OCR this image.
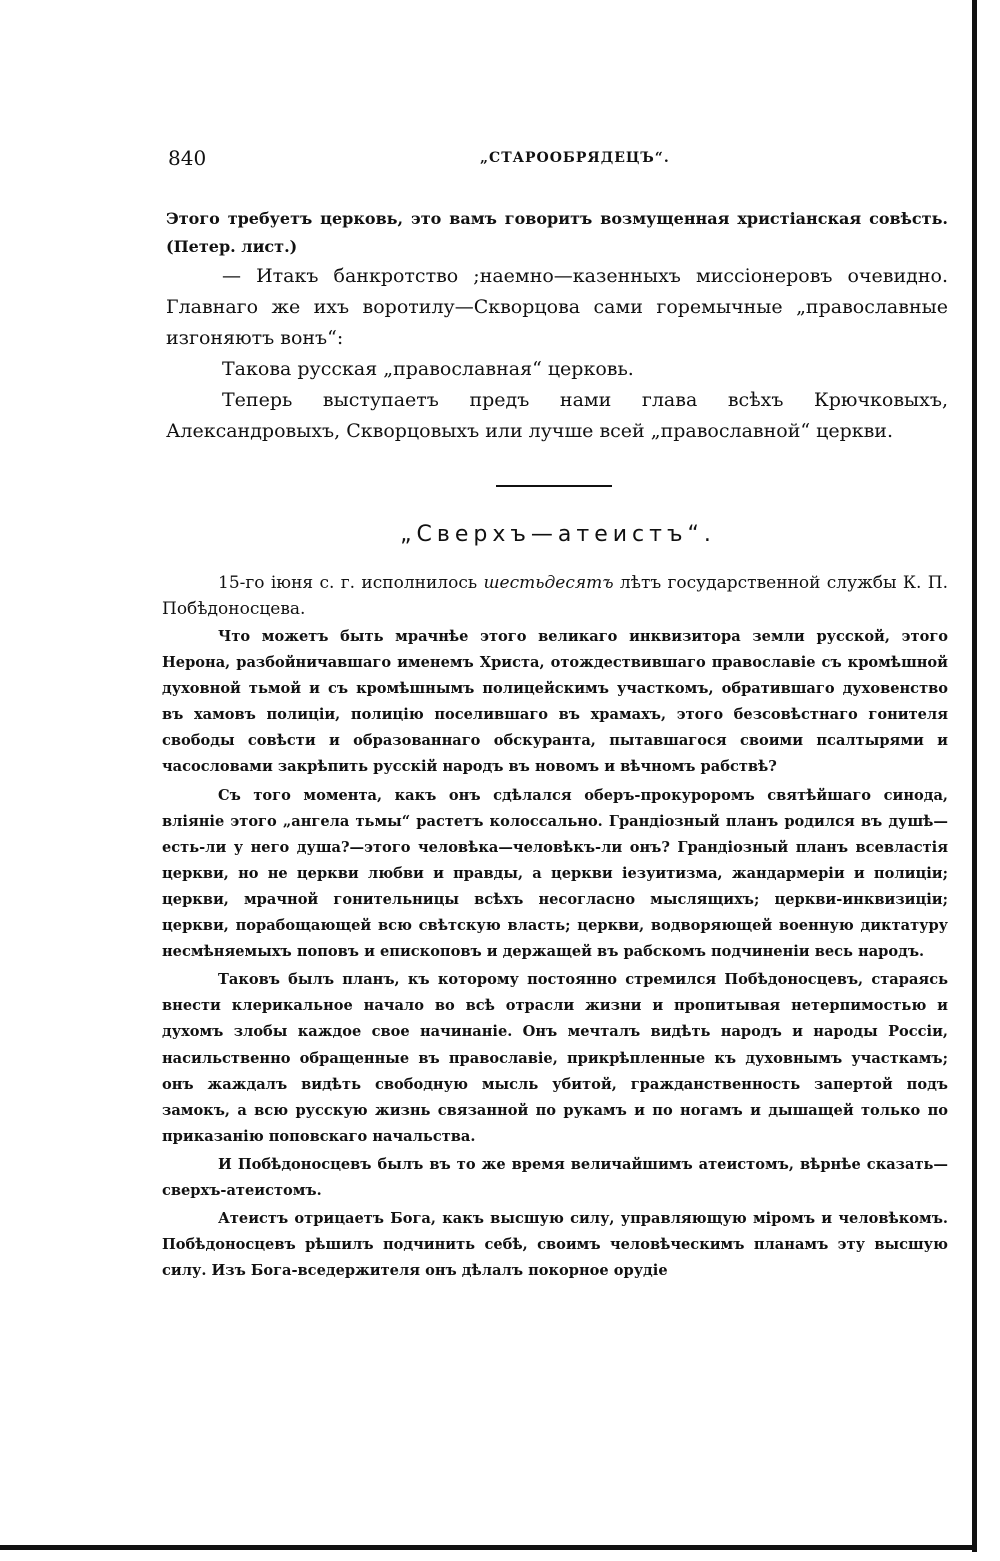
840	„СТАРООБРЯДЕЦЪ“.

Этого требуетъ церковь, это вамъ говоритъ возмущенная христіанская совѣсть. (Петер. лист.)

— Итакъ банкротство ;наемно—казенныхъ миссіонеровъ очевидно. Главнаго же ихъ воротилу—Скворцова сами горемычные „православные изгоняютъ вонъ“:

Такова русская „православная“ церковь.

Теперь выступаетъ предъ нами глава всѣхъ Крючковыхъ, Александровыхъ, Скворцовыхъ или лучше всей „православной“ церкви.

„Сверхъ—атеистъ“.

15-го іюня с. г. исполнилось шестьдесятъ лѣтъ государственной службы К. П. Побѣдоносцева.

Что можетъ быть мрачнѣе этого великаго инквизитора земли русской, этого Нерона, разбойничавшаго именемъ Христа, отождествившаго православіе съ кромѣшной духовной тьмой и съ кромѣшнымъ полицейскимъ участкомъ, обратившаго духовенство въ хамовъ полиціи, полицію поселившаго въ храмахъ, этого безсовѣстнаго гонителя свободы совѣсти и образованнаго обскуранта, пытавшагося своими псалтырями и часословами закрѣпить русскій народъ въ новомъ и вѣчномъ рабствѣ?

Съ того момента, какъ онъ сдѣлался оберъ-прокуроромъ святѣйшаго синода, вліяніе этого „ангела тьмы“ растетъ колоссально. Грандіозный планъ родился въ душѣ—есть-ли у него душа?—этого человѣка—человѣкъ-ли онъ? Грандіозный планъ всевластія церкви, но не церкви любви и правды, а церкви іезуитизма, жандармеріи и полиціи; церкви, мрачной гонительницы всѣхъ несогласно мыслящихъ; церкви-инквизиціи; церкви, порабощающей всю свѣтскую власть; церкви, водворяющей военную диктатуру несмѣняемыхъ поповъ и епископовъ и держащей въ рабскомъ подчиненіи весь народъ.

Таковъ былъ планъ, къ которому постоянно стремился Побѣдоносцевъ, стараясь внести клерикальное начало во всѣ отрасли жизни и пропитывая нетерпимостью и духомъ злобы каждое свое начинаніе. Онъ мечталъ видѣть народъ и народы Россіи, насильственно обращенные въ православіе, прикрѣпленные къ духовнымъ участкамъ; онъ жаждалъ видѣть свободную мысль убитой, гражданственность запертой подъ замокъ, а всю русскую жизнь связанной по рукамъ и по ногамъ и дышащей только по приказанію поповскаго начальства.

И Побѣдоносцевъ былъ въ то же время величайшимъ атеистомъ, вѣрнѣе сказать—сверхъ-атеистомъ.

Атеистъ отрицаетъ Бога, какъ высшую силу, управляющую міромъ и человѣкомъ. Побѣдоносцевъ рѣшилъ подчинить себѣ, своимъ человѣческимъ планамъ эту высшую силу. Изъ Бога-вседержителя онъ дѣлалъ покорное орудіе
